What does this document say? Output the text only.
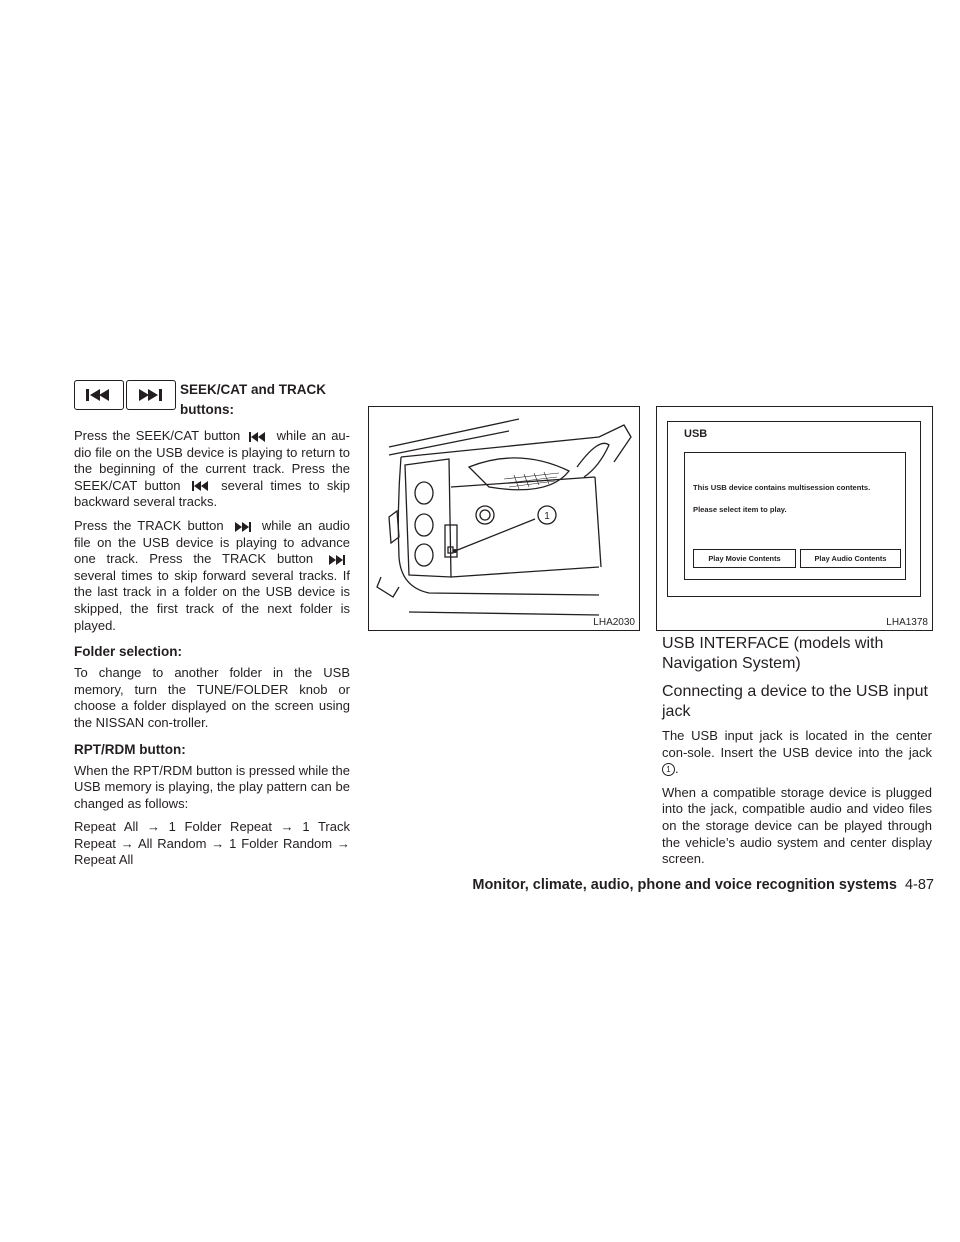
SEEK/CAT and TRACK
buttons:

Press the SEEK/CAT button	while an au-dio file on the USB device is playing to return to the beginning of the current track. Press the SEEK/CAT button	several times to skip backward several tracks.

Press the TRACK button	while an audio file on the USB device is playing to advance one track. Press the TRACK button  several times to skip forward several tracks. If the last track in a folder on the USB device is skipped, the first track of the next folder is played.

Folder selection:

To change to another folder in the USB memory, turn the TUNE/FOLDER knob or choose a folder displayed on the screen using the NISSAN con-troller.

RPT/RDM button:

When the RPT/RDM button is pressed while the USB memory is playing, the play pattern can be changed as follows:

Repeat All → 1 Folder Repeat → 1 Track Repeat → All Random → 1 Folder Random → Repeat All

1
LHA2030
USB
This USB device contains multisession contents.
Please select item to play.
Play Movie Contents	Play Audio Contents
LHA1378
USB INTERFACE (models with Navigation System)
Connecting a device to the USB input jack

The USB input jack is located in the center con-sole. Insert the USB device into the jack 1 .

When a compatible storage device is plugged into the jack, compatible audio and video files on the storage device can be played through the vehicle’s audio system and center display screen.

Monitor, climate, audio, phone and voice recognition systems 4-87
